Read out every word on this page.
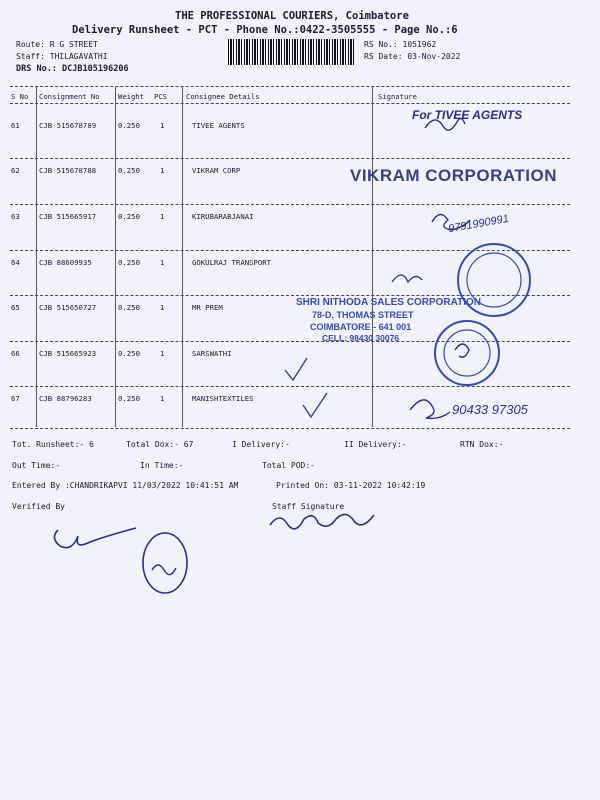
THE PROFESSIONAL COURIERS, Coimbatore
Delivery Runsheet - PCT - Phone No.:0422-3505555 - Page No.:6
Route: R G STREET
Staff: THILAGAVATHI
DRS No.: DCJB105196206
RS No.: 1051962
RS Date: 03-Nov-2022
S No Consignment No	Weight PCS	Consignee Details	Signature
61	CJB 515678789	0.250	1	TIVEE AGENTS
62	CJB 515678788	0.250	1	VIKRAM CORP
63	CJB 515665917	0.250	1	KIRUBARABJANAI
64	CJB 88609935	0.250	1	GOKULRAJ TRANSPORT
65	CJB 515650727	0.250	1	MR PREM
66	CJB 515665923	0.250	1	SARSWATHI
67	CJB 88796283	0.250	1	MANISHTEXTILES
For TIVEE AGENTS
VIKRAM CORPORATION
SHRI NITHODA SALES CORPORATION
78-D, THOMAS STREET
COIMBATORE - 641 001
CELL: 98430 30076
9791990991
90433 97305
Tot. Runsheet:- 6	Total Dox:- 67	I Delivery:-	II Delivery:-	RTN Dox:-
Out Time:-	In Time:-	Total POD:-
Entered By :CHANDRIKAPVI 11/03/2022 10:41:51 AM	Printed On: 03-11-2022 10:42:19
Verified By	Staff Signature
